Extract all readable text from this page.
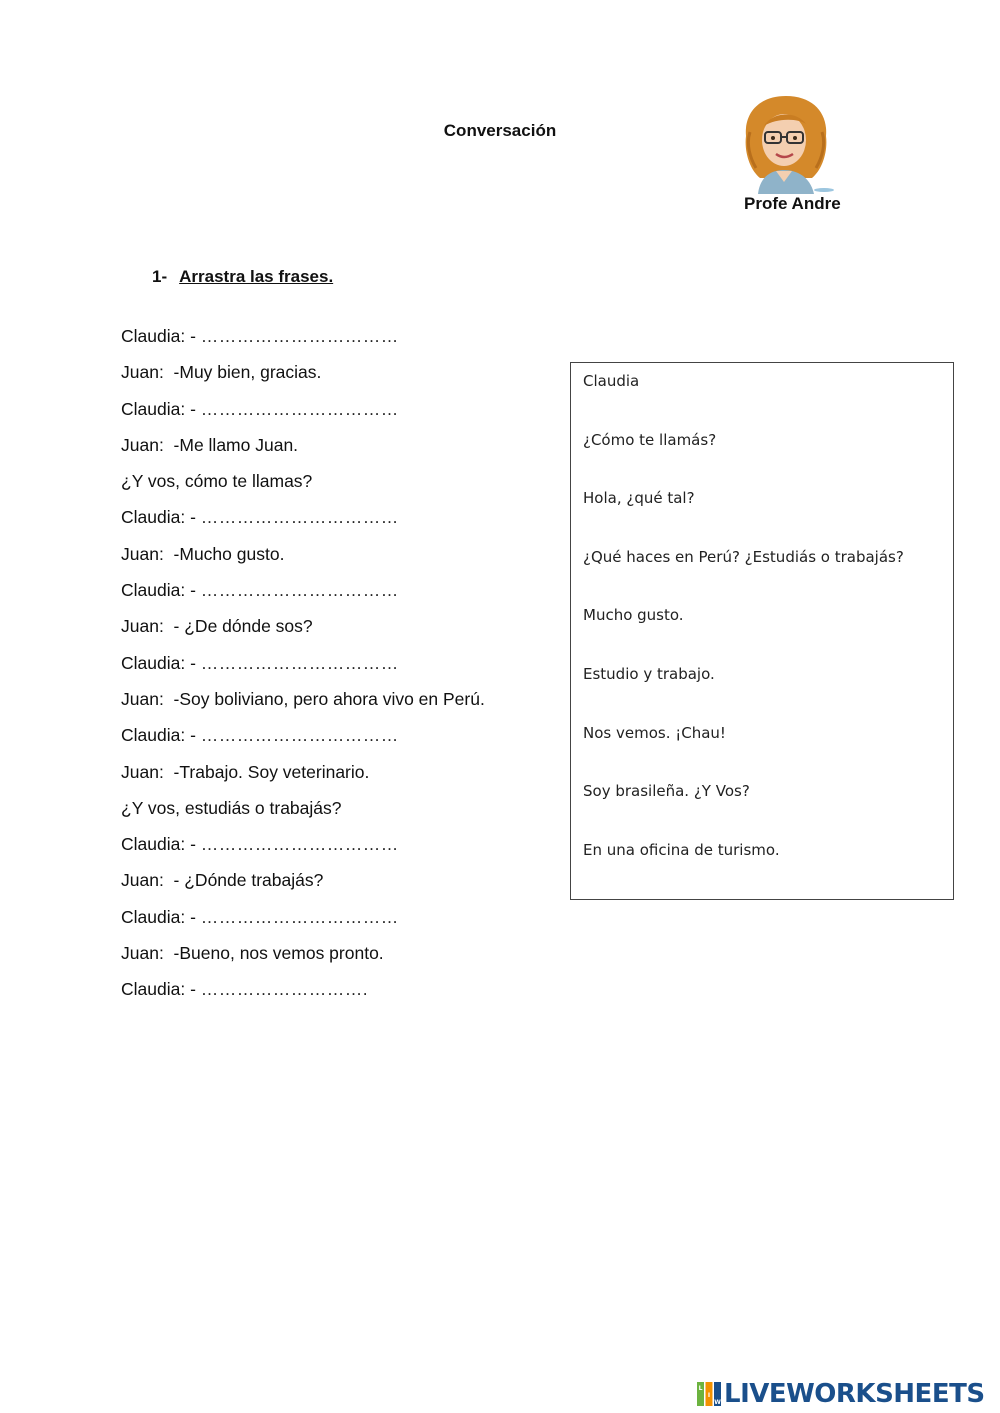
Conversación
Profe Andre
1- Arrastra las frases.
Claudia: - ……………………………
Juan:  -Muy bien, gracias.
Claudia: - ……………………………
Juan:  -Me llamo Juan.
¿Y vos, cómo te llamas?
Claudia: - ……………………………
Juan:  -Mucho gusto.
Claudia: - ……………………………
Juan:  - ¿De dónde sos?
Claudia: - ……………………………
Juan:  -Soy boliviano, pero ahora vivo en Perú.
Claudia: - ……………………………
Juan:  -Trabajo. Soy veterinario.
¿Y vos, estudiás o trabajás?
Claudia: - ……………………………
Juan:  - ¿Dónde trabajás?
Claudia: - ……………………………
Juan:  -Bueno, nos vemos pronto.
Claudia: - ……………………….
Claudia
¿Cómo te llamás?
Hola, ¿qué tal?
¿Qué haces en Perú? ¿Estudiás o trabajás?
Mucho gusto.
Estudio y trabajo.
Nos vemos. ¡Chau!
Soy brasileña. ¿Y Vos?
En una oficina de turismo.
L
I
W LIVEWORKSHEETS
